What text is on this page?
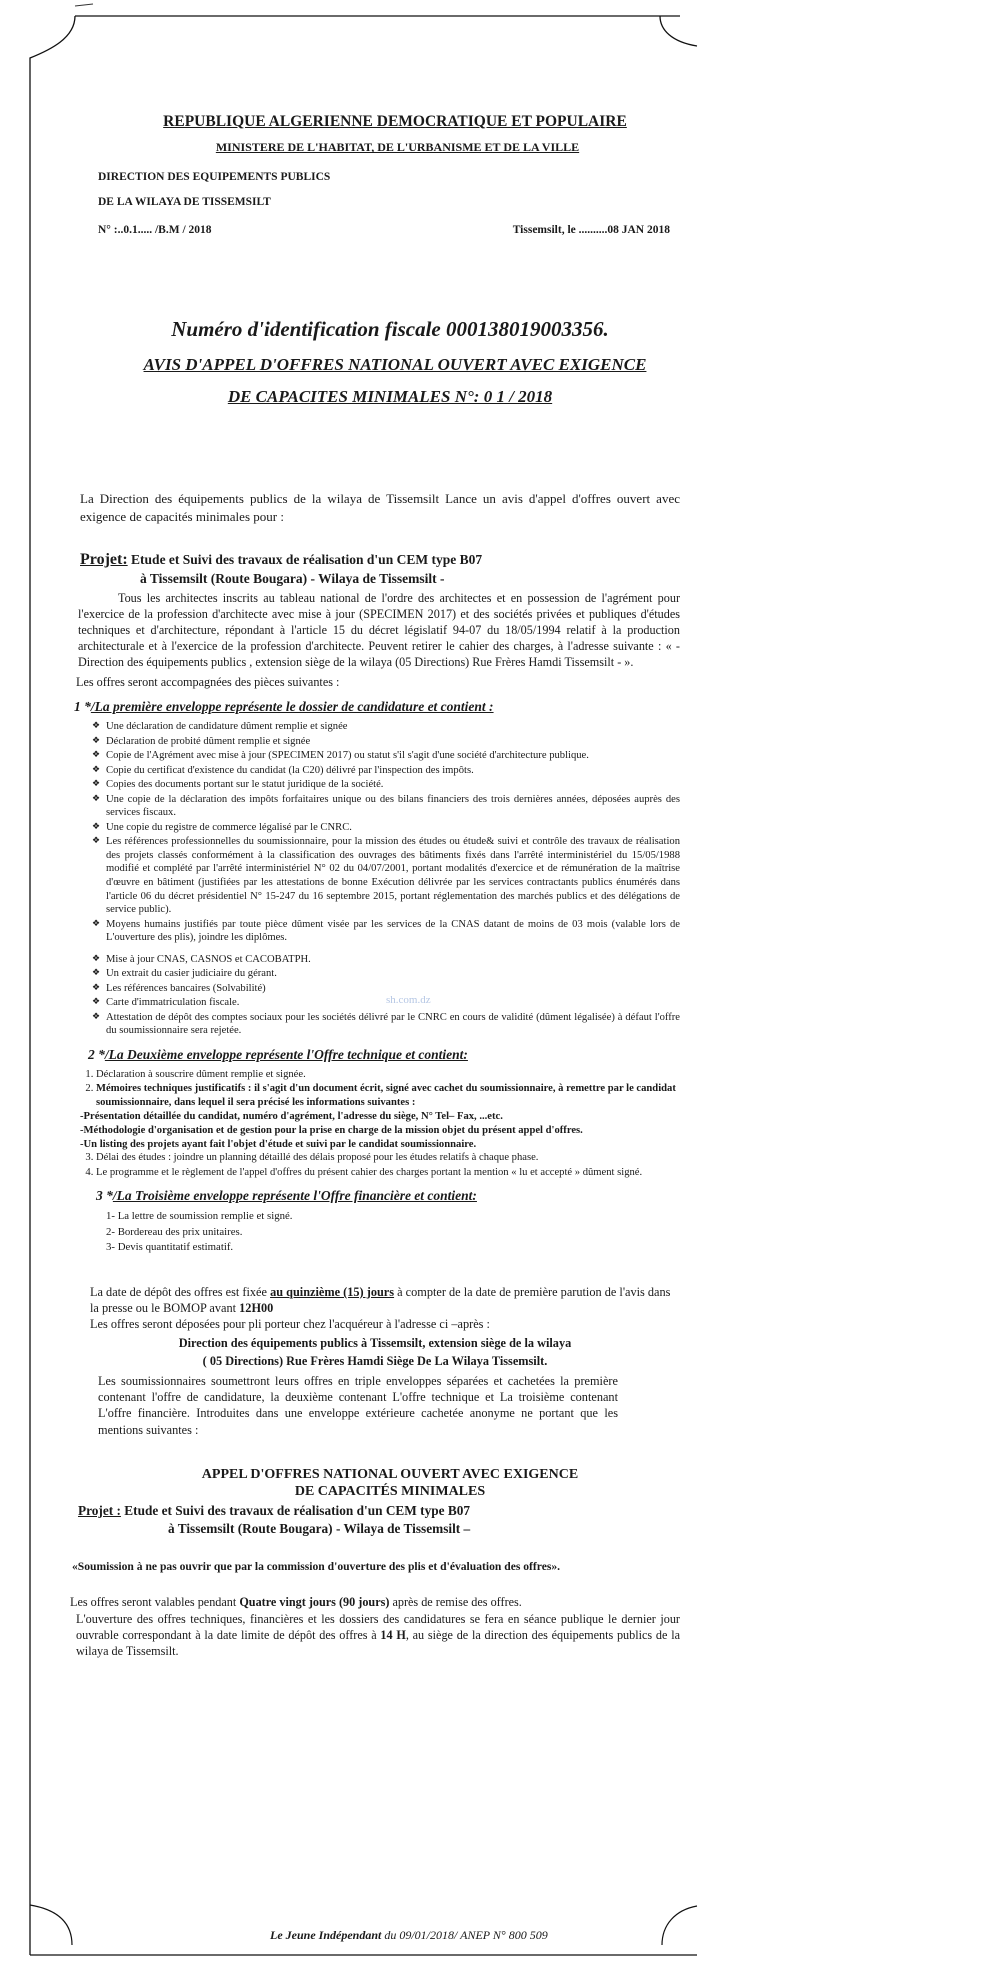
sh.com.dz
REPUBLIQUE ALGERIENNE DEMOCRATIQUE ET POPULAIRE
MINISTERE DE L'HABITAT, DE L'URBANISME ET DE LA VILLE
DIRECTION DES EQUIPEMENTS PUBLICS
DE LA WILAYA DE TISSEMSILT
N° :..0.1..... /B.M / 2018	Tissemsilt, le ..........08 JAN 2018
Numéro d'identification fiscale 000138019003356.
AVIS D'APPEL D'OFFRES NATIONAL OUVERT AVEC EXIGENCE
DE CAPACITES MINIMALES N°: 0 1 / 2018
La Direction des équipements publics de la wilaya de Tissemsilt Lance un avis d'appel d'offres ouvert avec exigence de capacités minimales pour :
Projet: Etude et Suivi des travaux de réalisation d'un CEM type B07
à Tissemsilt (Route Bougara) - Wilaya de Tissemsilt -
Tous les architectes inscrits au tableau national de l'ordre des architectes et en possession de l'agrément pour l'exercice de la profession d'architecte avec mise à jour (SPECIMEN 2017) et des sociétés privées et publiques d'études techniques et d'architecture, répondant à l'article 15 du décret législatif 94-07 du 18/05/1994 relatif à la production architecturale et à l'exercice de la profession d'architecte. Peuvent retirer le cahier des charges, à l'adresse suivante : « -Direction des équipements publics , extension siège de la wilaya (05 Directions) Rue Frères Hamdi Tissemsilt - ».
Les offres seront accompagnées des pièces suivantes :
1 */La première enveloppe représente le dossier de candidature et contient :
❖ Une déclaration de candidature dûment remplie et signée
❖ Déclaration de probité dûment remplie et signée
❖ Copie de l'Agrément avec mise à jour (SPECIMEN 2017) ou statut s'il s'agit d'une société d'architecture publique.
❖ Copie du certificat d'existence du candidat (la C20) délivré par l'inspection des impôts.
❖ Copies des documents portant sur le statut juridique de la société.
❖ Une copie de la déclaration des impôts forfaitaires unique ou des bilans financiers des trois dernières années, déposées auprès des services fiscaux.
❖ Une copie du registre de commerce légalisé par le CNRC.
❖ Les références professionnelles du soumissionnaire, pour la mission des études ou étude& suivi et contrôle des travaux de réalisation des projets classés conformément à la classification des ouvrages des bâtiments fixés dans l'arrêté interministériel du 15/05/1988 modifié et complété par l'arrêté interministériel N° 02 du 04/07/2001, portant modalités d'exercice et de rémunération de la maîtrise d'œuvre en bâtiment (justifiées par les attestations de bonne Exécution délivrée par les services contractants publics énumérés dans l'article 06 du décret présidentiel N° 15-247 du 16 septembre 2015, portant réglementation des marchés publics et des délégations de service public).
❖ Moyens humains justifiés par toute pièce dûment visée par les services de la CNAS datant de moins de 03 mois (valable lors de L'ouverture des plis), joindre les diplômes.
❖ Mise à jour CNAS, CASNOS et CACOBATPH.
❖ Un extrait du casier judiciaire du gérant.
❖ Les références bancaires (Solvabilité)
❖ Carte d'immatriculation fiscale.
❖ Attestation de dépôt des comptes sociaux pour les sociétés délivré par le CNRC en cours de validité (dûment légalisée) à défaut l'offre du soumissionnaire sera rejetée.
2 */La Deuxième enveloppe représente l'Offre technique et contient:
1. Déclaration à souscrire dûment remplie et signée.
2. Mémoires techniques justificatifs : il s'agit d'un document écrit, signé avec cachet du soumissionnaire, à remettre par le candidat soumissionnaire, dans lequel il sera précisé les informations suivantes :
-Présentation détaillée du candidat, numéro d'agrément, l'adresse du siège, N° Tel– Fax, ...etc.
-Méthodologie d'organisation et de gestion pour la prise en charge de la mission objet du présent appel d'offres.
-Un listing des projets ayant fait l'objet d'étude et suivi par le candidat soumissionnaire.
3. Délai des études : joindre un planning détaillé des délais proposé pour les études relatifs à chaque phase.
4. Le programme et le règlement de l'appel d'offres du présent cahier des charges portant la mention « lu et accepté » dûment signé.
3 */La Troisième enveloppe représente l'Offre financière et contient:
1- La lettre de soumission remplie et signé.
2- Bordereau des prix unitaires.
3- Devis quantitatif estimatif.
La date de dépôt des offres est fixée au quinzième (15) jours à compter de la date de première parution de l'avis dans la presse ou le BOMOP avant 12H00
Les offres seront déposées pour pli porteur chez l'acquéreur à l'adresse ci –après :
Direction des équipements publics à Tissemsilt, extension siège de la wilaya
( 05 Directions) Rue Frères Hamdi Siège De La Wilaya Tissemsilt.
Les soumissionnaires soumettront leurs offres en triple enveloppes séparées et cachetées la première contenant l'offre de candidature, la deuxième contenant L'offre technique et La troisième contenant L'offre financière. Introduites dans une enveloppe extérieure cachetée anonyme ne portant que les mentions suivantes :
APPEL D'OFFRES NATIONAL OUVERT AVEC EXIGENCE
DE CAPACITÉS MINIMALES
Projet : Etude et Suivi des travaux de réalisation d'un CEM type B07
à Tissemsilt (Route Bougara) - Wilaya de Tissemsilt –
«Soumission à ne pas ouvrir que par la commission d'ouverture des plis et d'évaluation des offres».
Les offres seront valables pendant Quatre vingt jours (90 jours) après de remise des offres.
L'ouverture des offres techniques, financières et les dossiers des candidatures se fera en séance publique le dernier jour ouvrable correspondant à la date limite de dépôt des offres à 14 H, au siège de la direction des équipements publics de la wilaya de Tissemsilt.
Le Jeune Indépendant du 09/01/2018/ ANEP N° 800 509
